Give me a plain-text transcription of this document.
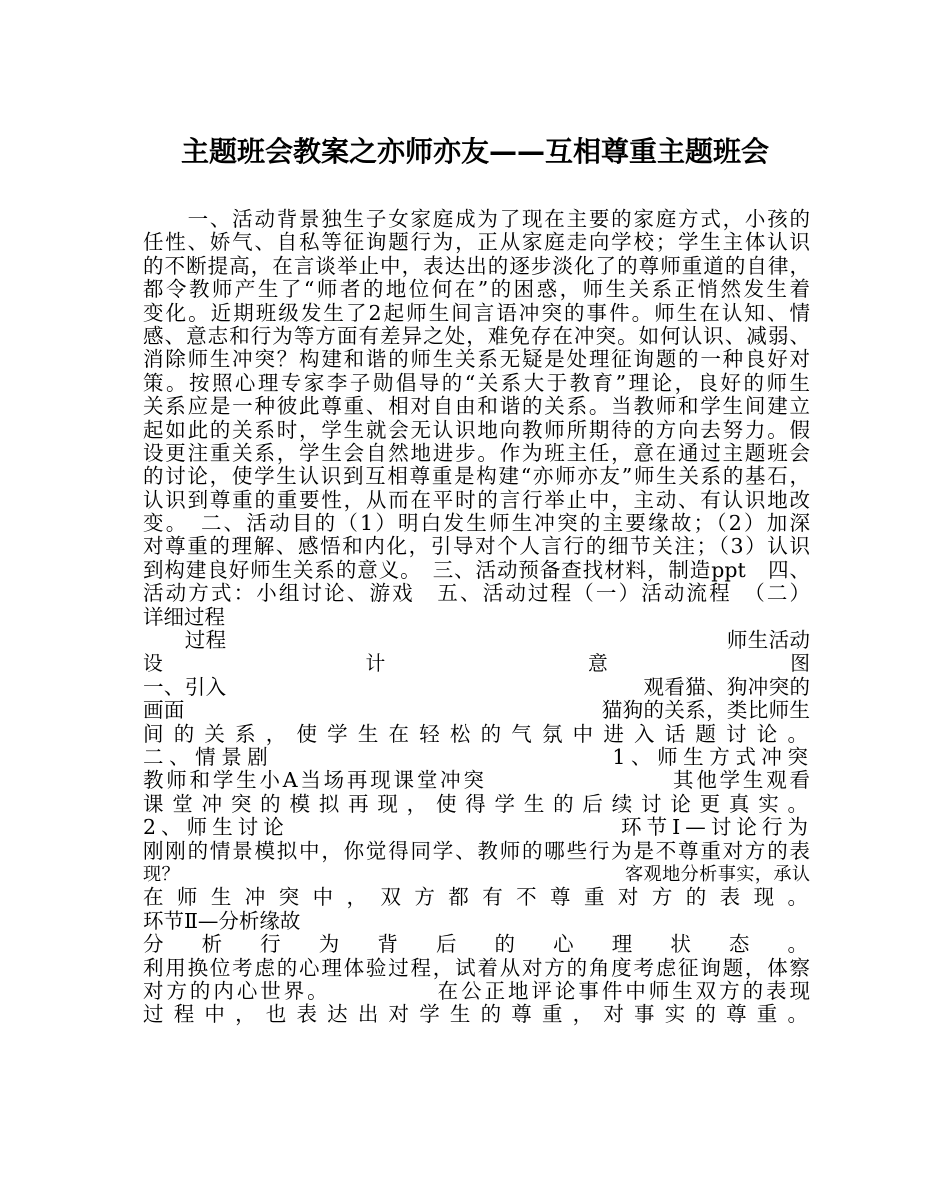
主题班会教案之亦师亦友——互相尊重主题班会
　　一、活动背景独生子女家庭成为了现在主要的家庭方式，小孩的
任性、娇气、自私等征询题行为，正从家庭走向学校；学生主体认识
的不断提高，在言谈举止中，表达出的逐步淡化了的尊师重道的自律，
都令教师产生了“师者的地位何在”的困惑，师生关系正悄然发生着
变化。近期班级发生了2起师生间言语冲突的事件。师生在认知、情
感、意志和行为等方面有差异之处，难免存在冲突。如何认识、减弱、
消除师生冲突？构建和谐的师生关系无疑是处理征询题的一种良好对
策。按照心理专家李子勋倡导的“关系大于教育”理论，良好的师生
关系应是一种彼此尊重、相对自由和谐的关系。当教师和学生间建立
起如此的关系时，学生就会无认识地向教师所期待的方向去努力。假
设更注重关系，学生会自然地进步。作为班主任，意在通过主题班会
的讨论，使学生认识到互相尊重是构建“亦师亦友”师生关系的基石，
认识到尊重的重要性，从而在平时的言行举止中，主动、有认识地改
变。　二、活动目的（1）明白发生师生冲突的主要缘故；（2）加深
对尊重的理解、感悟和内化，引导对个人言行的细节关注；（3）认识
到构建良好师生关系的意义。　三、活动预备查找材料，制造ppt　四、
活动方式：小组讨论、游戏　五、活动过程（一）活动流程　（二）
详细过程
　　过程　　　　　　　　　　　　　　　　　　　　　　　　师生活动
设　　　　　　　　　　计　　　　　　　　　　意　　　　　　　　　图
一、引入　　　　　　　　　　　　　　　　　　　　观看猫、狗冲突的
画面　　　　　　　　　　　　　　　　　　　　猫狗的关系，类比师生
间的关系，使学生在轻松的气氛中进入话题讨论。
二、情景剧　　　　　　　　　　　　　1、师生方式冲突
教师和学生小A当场再现课堂冲突　　　　　　　　其他学生观看
课堂冲突的模拟再现，使得学生的后续讨论更真实。
2、师生讨论　　　　　　　　　　　　　环节Ⅰ—讨论行为
刚刚的情景模拟中，你觉得同学、教师的哪些行为是不尊重对方的表
现？　　　　　　　　　　　　　　　　　　　　　　　　客观地分析事实，承认
在师生冲突中，双方都有不尊重对方的表现。
环节Ⅱ—分析缘故
分析行为背后的心理状态。
利用换位考虑的心理体验过程，试着从对方的角度考虑征询题，体察
对方的内心世界。　　　　　在公正地评论事件中师生双方的表现
过程中，也表达出对学生的尊重，对事实的尊重。
